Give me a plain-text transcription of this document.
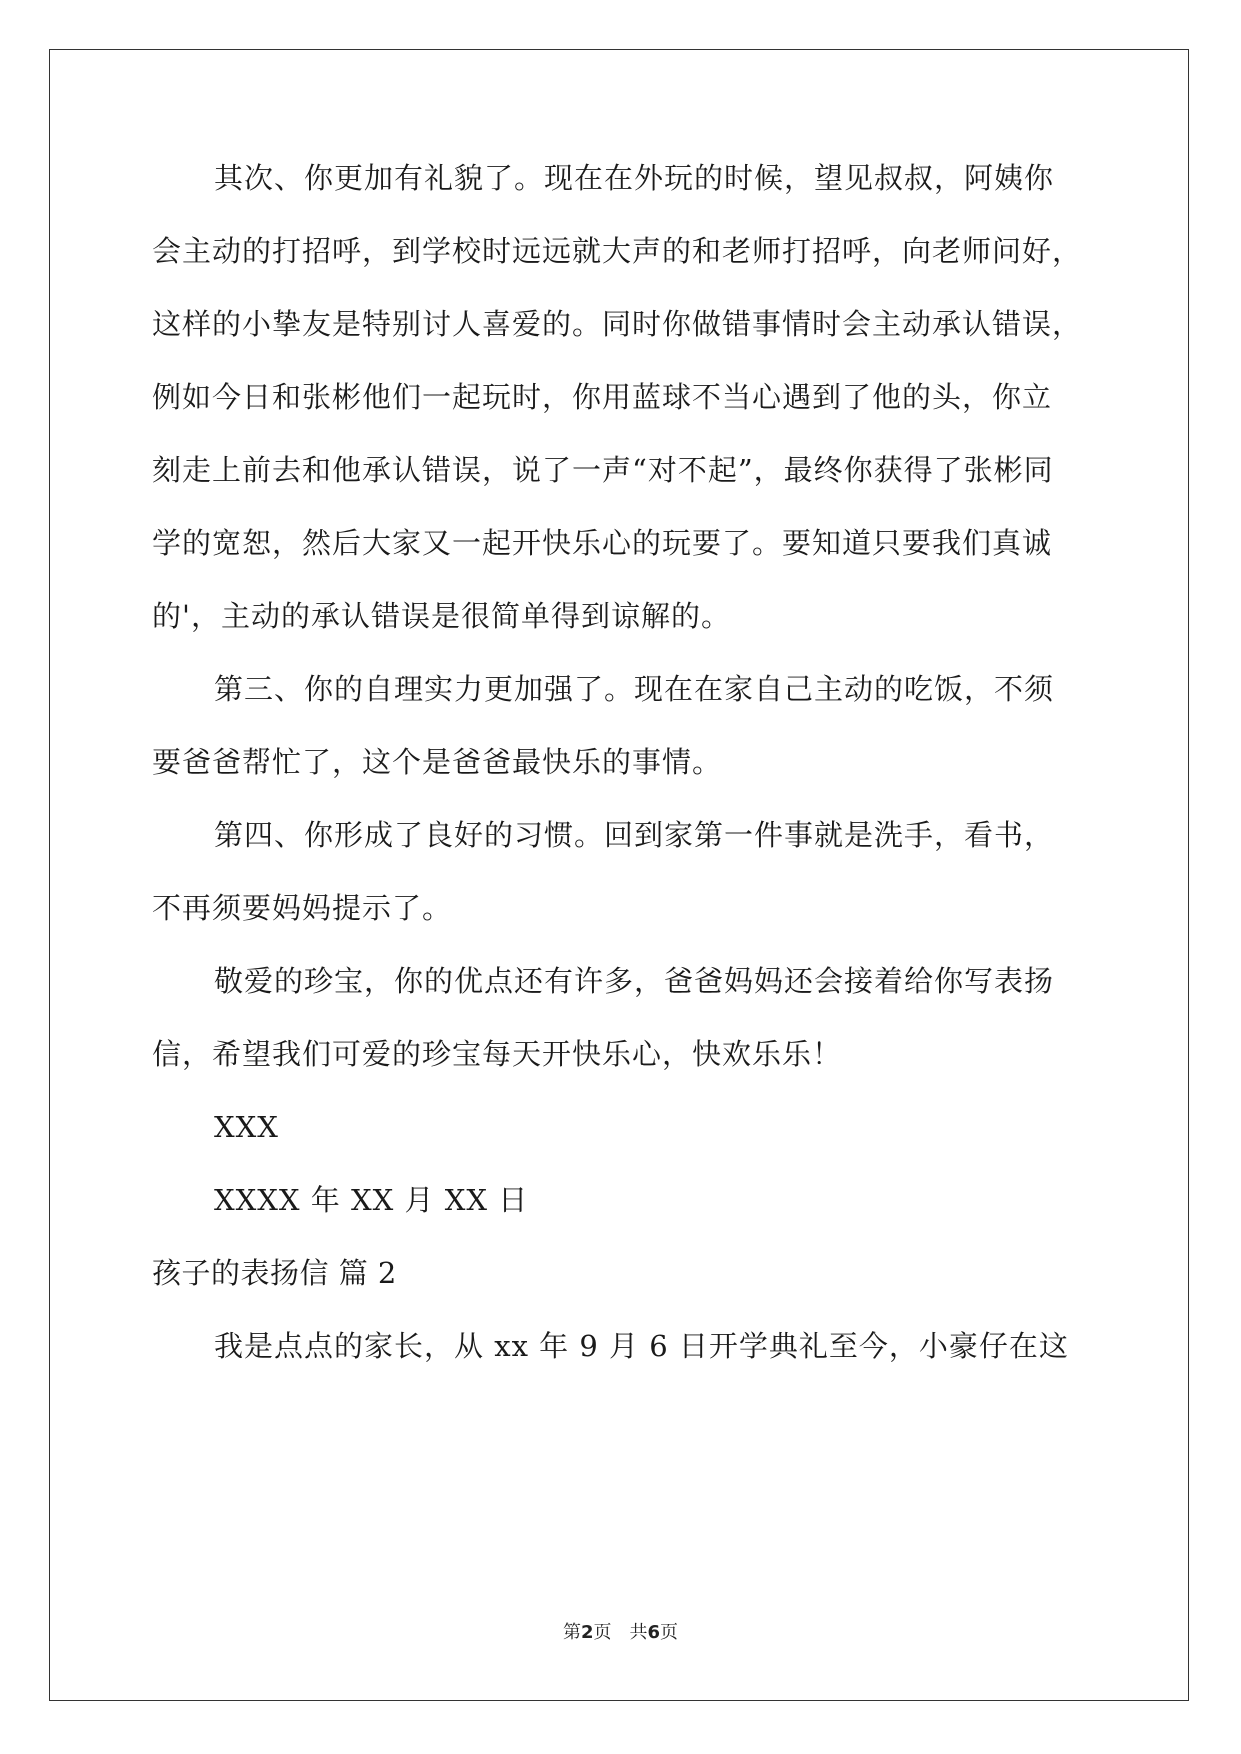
其次、你更加有礼貌了。现在在外玩的时候，望见叔叔，阿姨你
会主动的打招呼，到学校时远远就大声的和老师打招呼，向老师问好，
这样的小挚友是特别讨人喜爱的。同时你做错事情时会主动承认错误，
例如今日和张彬他们一起玩时，你用蓝球不当心遇到了他的头，你立
刻走上前去和他承认错误，说了一声“对不起”，最终你获得了张彬同
学的宽恕，然后大家又一起开快乐心的玩要了。要知道只要我们真诚
的'，主动的承认错误是很简单得到谅解的。
第三、你的自理实力更加强了。现在在家自己主动的吃饭，不须
要爸爸帮忙了，这个是爸爸最快乐的事情。
第四、你形成了良好的习惯。回到家第一件事就是洗手，看书，
不再须要妈妈提示了。
敬爱的珍宝，你的优点还有许多，爸爸妈妈还会接着给你写表扬
信，希望我们可爱的珍宝每天开快乐心，快欢乐乐！
XXX
XXXX 年 XX 月 XX 日
孩子的表扬信 篇 2
我是点点的家长，从 xx 年 9 月 6 日开学典礼至今，小豪仔在这
第2页　共6页
